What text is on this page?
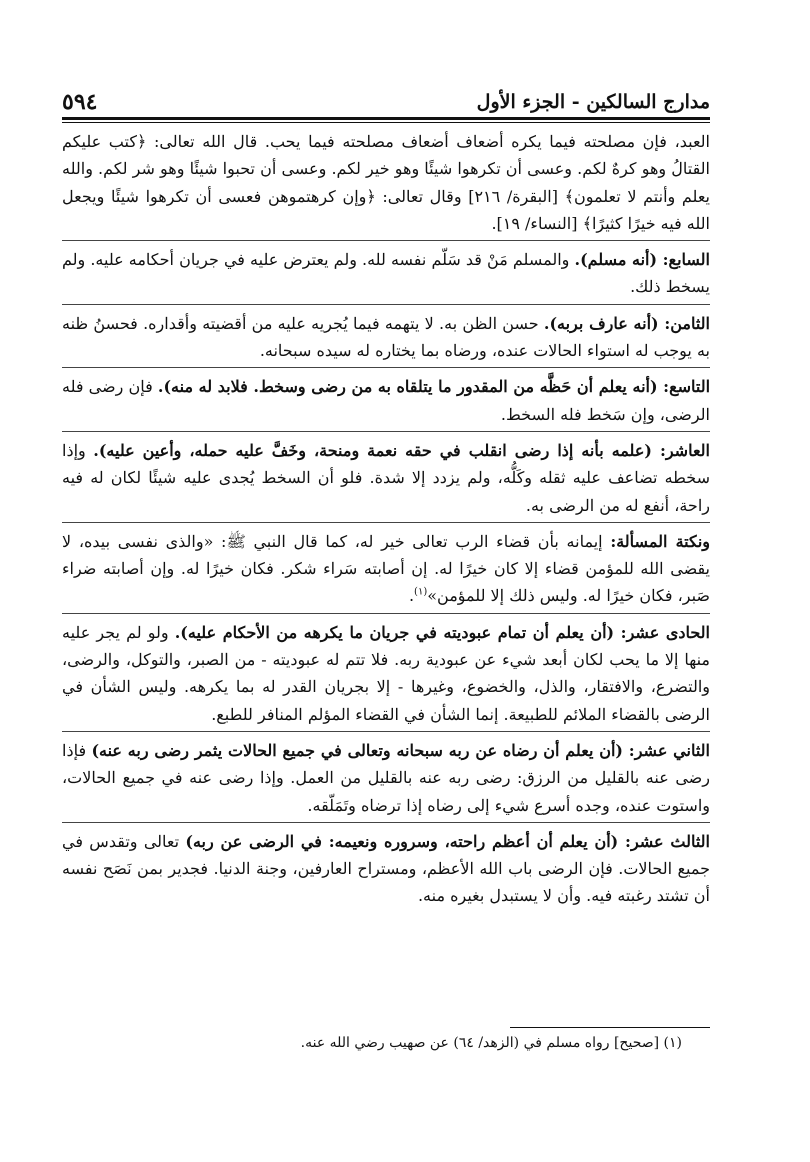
مدارج السالكين - الجزء الأول
٥٩٤

العبد، فإن مصلحته فيما يكره أضعاف أضعاف مصلحته فيما يحب. قال الله تعالى: ﴿كتب عليكم القتالُ وهو كرهٌ لكم. وعسى أن تكرهوا شيئًا وهو خير لكم. وعسى أن تحبوا شيئًا وهو شر لكم. والله يعلم وأنتم لا تعلمون﴾ [البقرة/ ٢١٦] وقال تعالى: ﴿وإن كرهتموهن فعسى أن تكرهوا شيئًا ويجعل الله فيه خيرًا كثيرًا﴾ [النساء/ ١٩].

السابع: (أنه مسلم). والمسلم مَنْ قد سَلّم نفسه لله. ولم يعترض عليه في جريان أحكامه عليه. ولم يسخط ذلك.

الثامن: (أنه عارف بربه). حسن الظن به. لا يتهمه فيما يُجريه عليه من أقضيته وأقداره. فحسنُ ظنه به يوجب له استواء الحالات عنده، ورضاه بما يختاره له سيده سبحانه.

التاسع: (أنه يعلم أن حَظَّه من المقدور ما يتلقاه به من رضى وسخط. فلابد له منه). فإن رضى فله الرضى، وإن سَخط فله السخط.

العاشر: (علمه بأنه إذا رضى انقلب في حقه نعمة ومنحة، وخَفَّ عليه حمله، وأعين عليه). وإذا سخطه تضاعف عليه ثقله وكَلُّه، ولم يزدد إلا شدة. فلو أن السخط يُجدى عليه شيئًا لكان له فيه راحة، أنفع له من الرضى به.

ونكتة المسألة: إيمانه بأن قضاء الرب تعالى خير له، كما قال النبي ﷺ: «والذى نفسى بيده، لا يقضى الله للمؤمن قضاء إلا كان خيرًا له. إن أصابته سَراء شكر. فكان خيرًا له. وإن أصابته ضراء صَبر، فكان خيرًا له. وليس ذلك إلا للمؤمن»$^{(١)}$.

الحادى عشر: (أن يعلم أن تمام عبوديته في جريان ما يكرهه من الأحكام عليه). ولو لم يجر عليه منها إلا ما يحب لكان أبعد شيء عن عبودية ربه. فلا تتم له عبوديته - من الصبر، والتوكل، والرضى، والتضرع، والافتقار، والذل، والخضوع، وغيرها - إلا بجريان القدر له بما يكرهه. وليس الشأن في الرضى بالقضاء الملائم للطبيعة. إنما الشأن في القضاء المؤلم المنافر للطبع.

الثاني عشر: (أن يعلم أن رضاه عن ربه سبحانه وتعالى في جميع الحالات يثمر رضى ربه عنه) فإذا رضى عنه بالقليل من الرزق: رضى ربه عنه بالقليل من العمل. وإذا رضى عنه في جميع الحالات، واستوت عنده، وجده أسرع شيء إلى رضاه إذا ترضاه وتَمَلّقه.

الثالث عشر: (أن يعلم أن أعظم راحته، وسروره ونعيمه: في الرضى عن ربه) تعالى وتقدس في جميع الحالات. فإن الرضى باب الله الأعظم، ومستراح العارفين، وجنة الدنيا. فجدير بمن نَصَح نفسه أن تشتد رغبته فيه. وأن لا يستبدل بغيره منه.

(١) [صحيح] رواه مسلم في (الزهد/ ٦٤) عن صهيب رضي الله عنه.
